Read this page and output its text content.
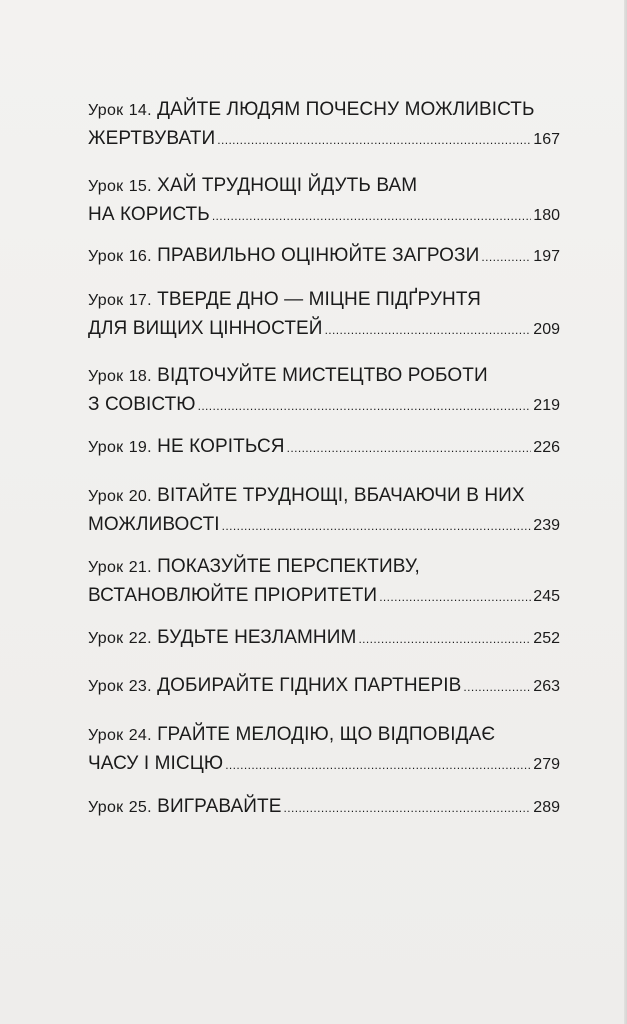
Урок
14.
ДАЙТЕ ЛЮДЯМ ПОЧЕСНУ МОЖЛИВІСТЬ
ЖЕРТВУВАТИ .....	167
Урок
15.
ХАЙ ТРУДНОЩІ ЙДУТЬ ВАМ
НА КОРИСТЬ .....	180
Урок
16.
ПРАВИЛЬНО ОЦІНЮЙТЕ ЗАГРОЗИ .....	197
Урок
17.
ТВЕРДЕ ДНО — МІЦНЕ ПІДҐРУНТЯ
ДЛЯ ВИЩИХ ЦІННОСТЕЙ .....	209
Урок
18.
ВІДТОЧУЙТЕ МИСТЕЦТВО РОБОТИ
З СОВІСТЮ .....	219
Урок
19.
НЕ КОРІТЬСЯ .....	226
Урок
20.
ВІТАЙТЕ ТРУДНОЩІ, ВБАЧАЮЧИ В НИХ
МОЖЛИВОСТІ .....	239
Урок
21.
ПОКАЗУЙТЕ ПЕРСПЕКТИВУ,
ВСТАНОВЛЮЙТЕ ПРІОРИТЕТИ .....	245
Урок
22.
БУДЬТЕ НЕЗЛАМНИМ .....	252
Урок
23.
ДОБИРАЙТЕ ГІДНИХ ПАРТНЕРІВ .....	263
Урок
24.
ГРАЙТЕ МЕЛОДІЮ, ЩО ВІДПОВІДАЄ
ЧАСУ І МІСЦЮ .....	279
Урок
25.
ВИГРАВАЙТЕ .....	289
